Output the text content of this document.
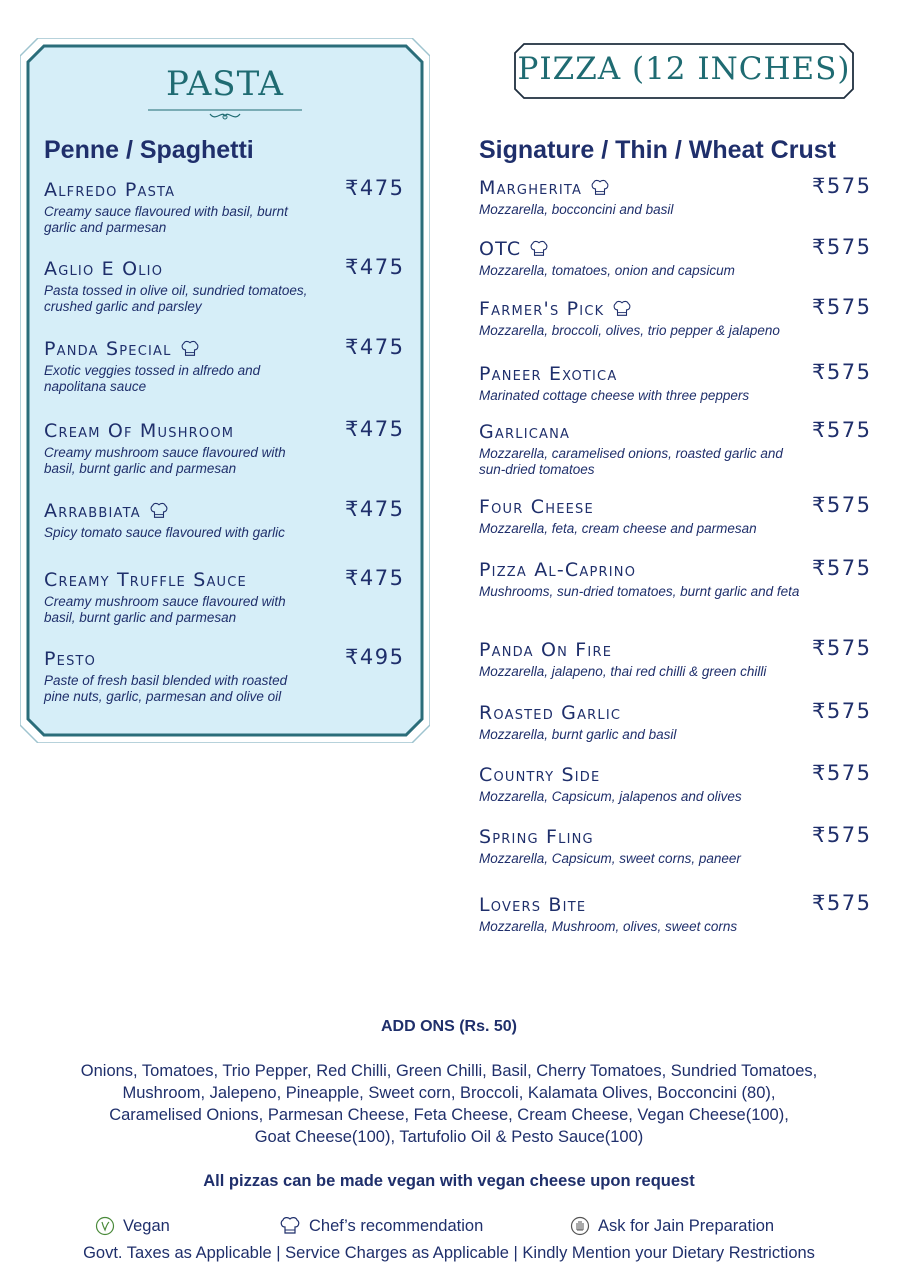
PASTA
Penne / Spaghetti
Alfredo Pasta
Creamy sauce flavoured with basil, burnt garlic and parmesan
₹475
Aglio E Olio
Pasta tossed in olive oil, sundried tomatoes, crushed garlic and parsley
₹475
Panda Special
Exotic veggies tossed in alfredo and napolitana sauce
₹475
Cream Of Mushroom
Creamy mushroom sauce flavoured with basil, burnt garlic and parmesan
₹475
Arrabbiata
Spicy tomato sauce flavoured with garlic
₹475
Creamy Truffle Sauce
Creamy mushroom sauce flavoured with basil, burnt garlic and parmesan
₹475
Pesto
Paste of fresh basil blended with roasted pine nuts, garlic, parmesan and olive oil
₹495
PIZZA (12 INCHES)
Signature / Thin / Wheat Crust
Margherita
Mozzarella, bocconcini and basil
₹575
OTC
Mozzarella, tomatoes, onion and capsicum
₹575
Farmer's Pick
Mozzarella, broccoli, olives, trio pepper & jalapeno
₹575
Paneer Exotica
Marinated cottage cheese with three peppers
₹575
Garlicana
Mozzarella, caramelised onions, roasted garlic and sun-dried tomatoes
₹575
Four Cheese
Mozzarella, feta, cream cheese and parmesan
₹575
Pizza Al-Caprino
Mushrooms, sun-dried tomatoes, burnt garlic and feta
₹575
Panda On Fire
Mozzarella, jalapeno, thai red chilli & green chilli
₹575
Roasted Garlic
Mozzarella, burnt garlic and basil
₹575
Country Side
Mozzarella, Capsicum, jalapenos and olives
₹575
Spring Fling
Mozzarella, Capsicum, sweet corns, paneer
₹575
Lovers Bite
Mozzarella, Mushroom, olives, sweet corns
₹575
ADD ONS (Rs. 50)
Onions, Tomatoes, Trio Pepper, Red Chilli, Green Chilli, Basil, Cherry Tomatoes, Sundried Tomatoes,
Mushroom, Jalepeno, Pineapple, Sweet corn, Broccoli, Kalamata Olives, Bocconcini (80),
Caramelised Onions, Parmesan Cheese, Feta Cheese, Cream Cheese, Vegan Cheese(100),
Goat Cheese(100), Tartufolio Oil & Pesto Sauce(100)
All pizzas can be made vegan with vegan cheese upon request
Vegan	Chef’s recommendation	Ask for Jain Preparation
Govt. Taxes as Applicable | Service Charges as Applicable | Kindly Mention your Dietary Restrictions
